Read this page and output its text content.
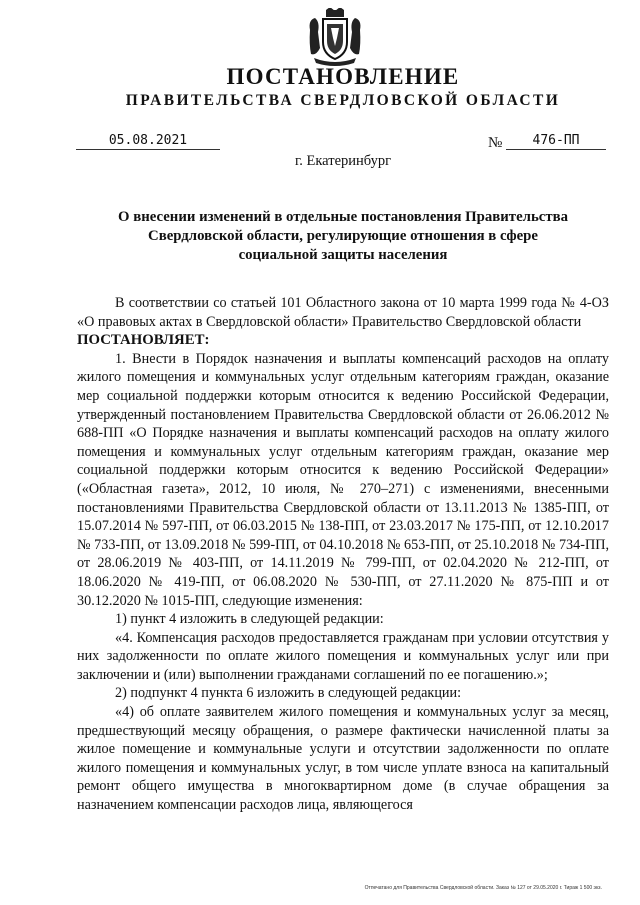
ПОСТАНОВЛЕНИЕ
ПРАВИТЕЛЬСТВА СВЕРДЛОВСКОЙ ОБЛАСТИ
05.08.2021	№	476-ПП
г. Екатеринбург
О внесении изменений в отдельные постановления Правительства
Свердловской области, регулирующие отношения в сфере
социальной защиты населения

В соответствии со статьей 101 Областного закона от 10 марта 1999 года № 4-ОЗ «О правовых актах в Свердловской области» Правительство Свердловской области

ПОСТАНОВЛЯЕТ:

1. Внести в Порядок назначения и выплаты компенсаций расходов на оплату жилого помещения и коммунальных услуг отдельным категориям граждан, оказание мер социальной поддержки которым относится к ведению Российской Федерации, утвержденный постановлением Правительства Свердловской области от 26.06.2012 № 688-ПП «О Порядке назначения и выплаты компенсаций расходов на оплату жилого помещения и коммунальных услуг отдельным категориям граждан, оказание мер социальной поддержки которым относится к ведению Российской Федерации» («Областная газета», 2012, 10 июля, № 270–271) с изменениями, внесенными постановлениями Правительства Свердловской области от 13.11.2013 № 1385-ПП, от 15.07.2014 № 597-ПП, от 06.03.2015 № 138-ПП, от 23.03.2017 № 175-ПП, от 12.10.2017 № 733-ПП, от 13.09.2018 № 599-ПП, от 04.10.2018 № 653-ПП, от 25.10.2018 № 734-ПП, от 28.06.2019 № 403-ПП, от 14.11.2019 № 799-ПП, от 02.04.2020 № 212-ПП, от 18.06.2020 № 419-ПП, от 06.08.2020 № 530-ПП, от 27.11.2020 № 875-ПП и от 30.12.2020 № 1015-ПП, следующие изменения:

1) пункт 4 изложить в следующей редакции:

«4. Компенсация расходов предоставляется гражданам при условии отсутствия у них задолженности по оплате жилого помещения и коммунальных услуг или при заключении и (или) выполнении гражданами соглашений по ее погашению.»;

2) подпункт 4 пункта 6 изложить в следующей редакции:

«4) об оплате заявителем жилого помещения и коммунальных услуг за месяц, предшествующий месяцу обращения, о размере фактически начисленной платы за жилое помещение и коммунальные услуги и отсутствии задолженности по оплате жилого помещения и коммунальных услуг, в том числе уплате взноса на капитальный ремонт общего имущества в многоквартирном доме (в случае обращения за назначением компенсации расходов лица, являющегося

Отпечатано для Правительства Свердловской области. Заказ № 127 от 29.05.2020 г. Тираж 1 500 экз.
